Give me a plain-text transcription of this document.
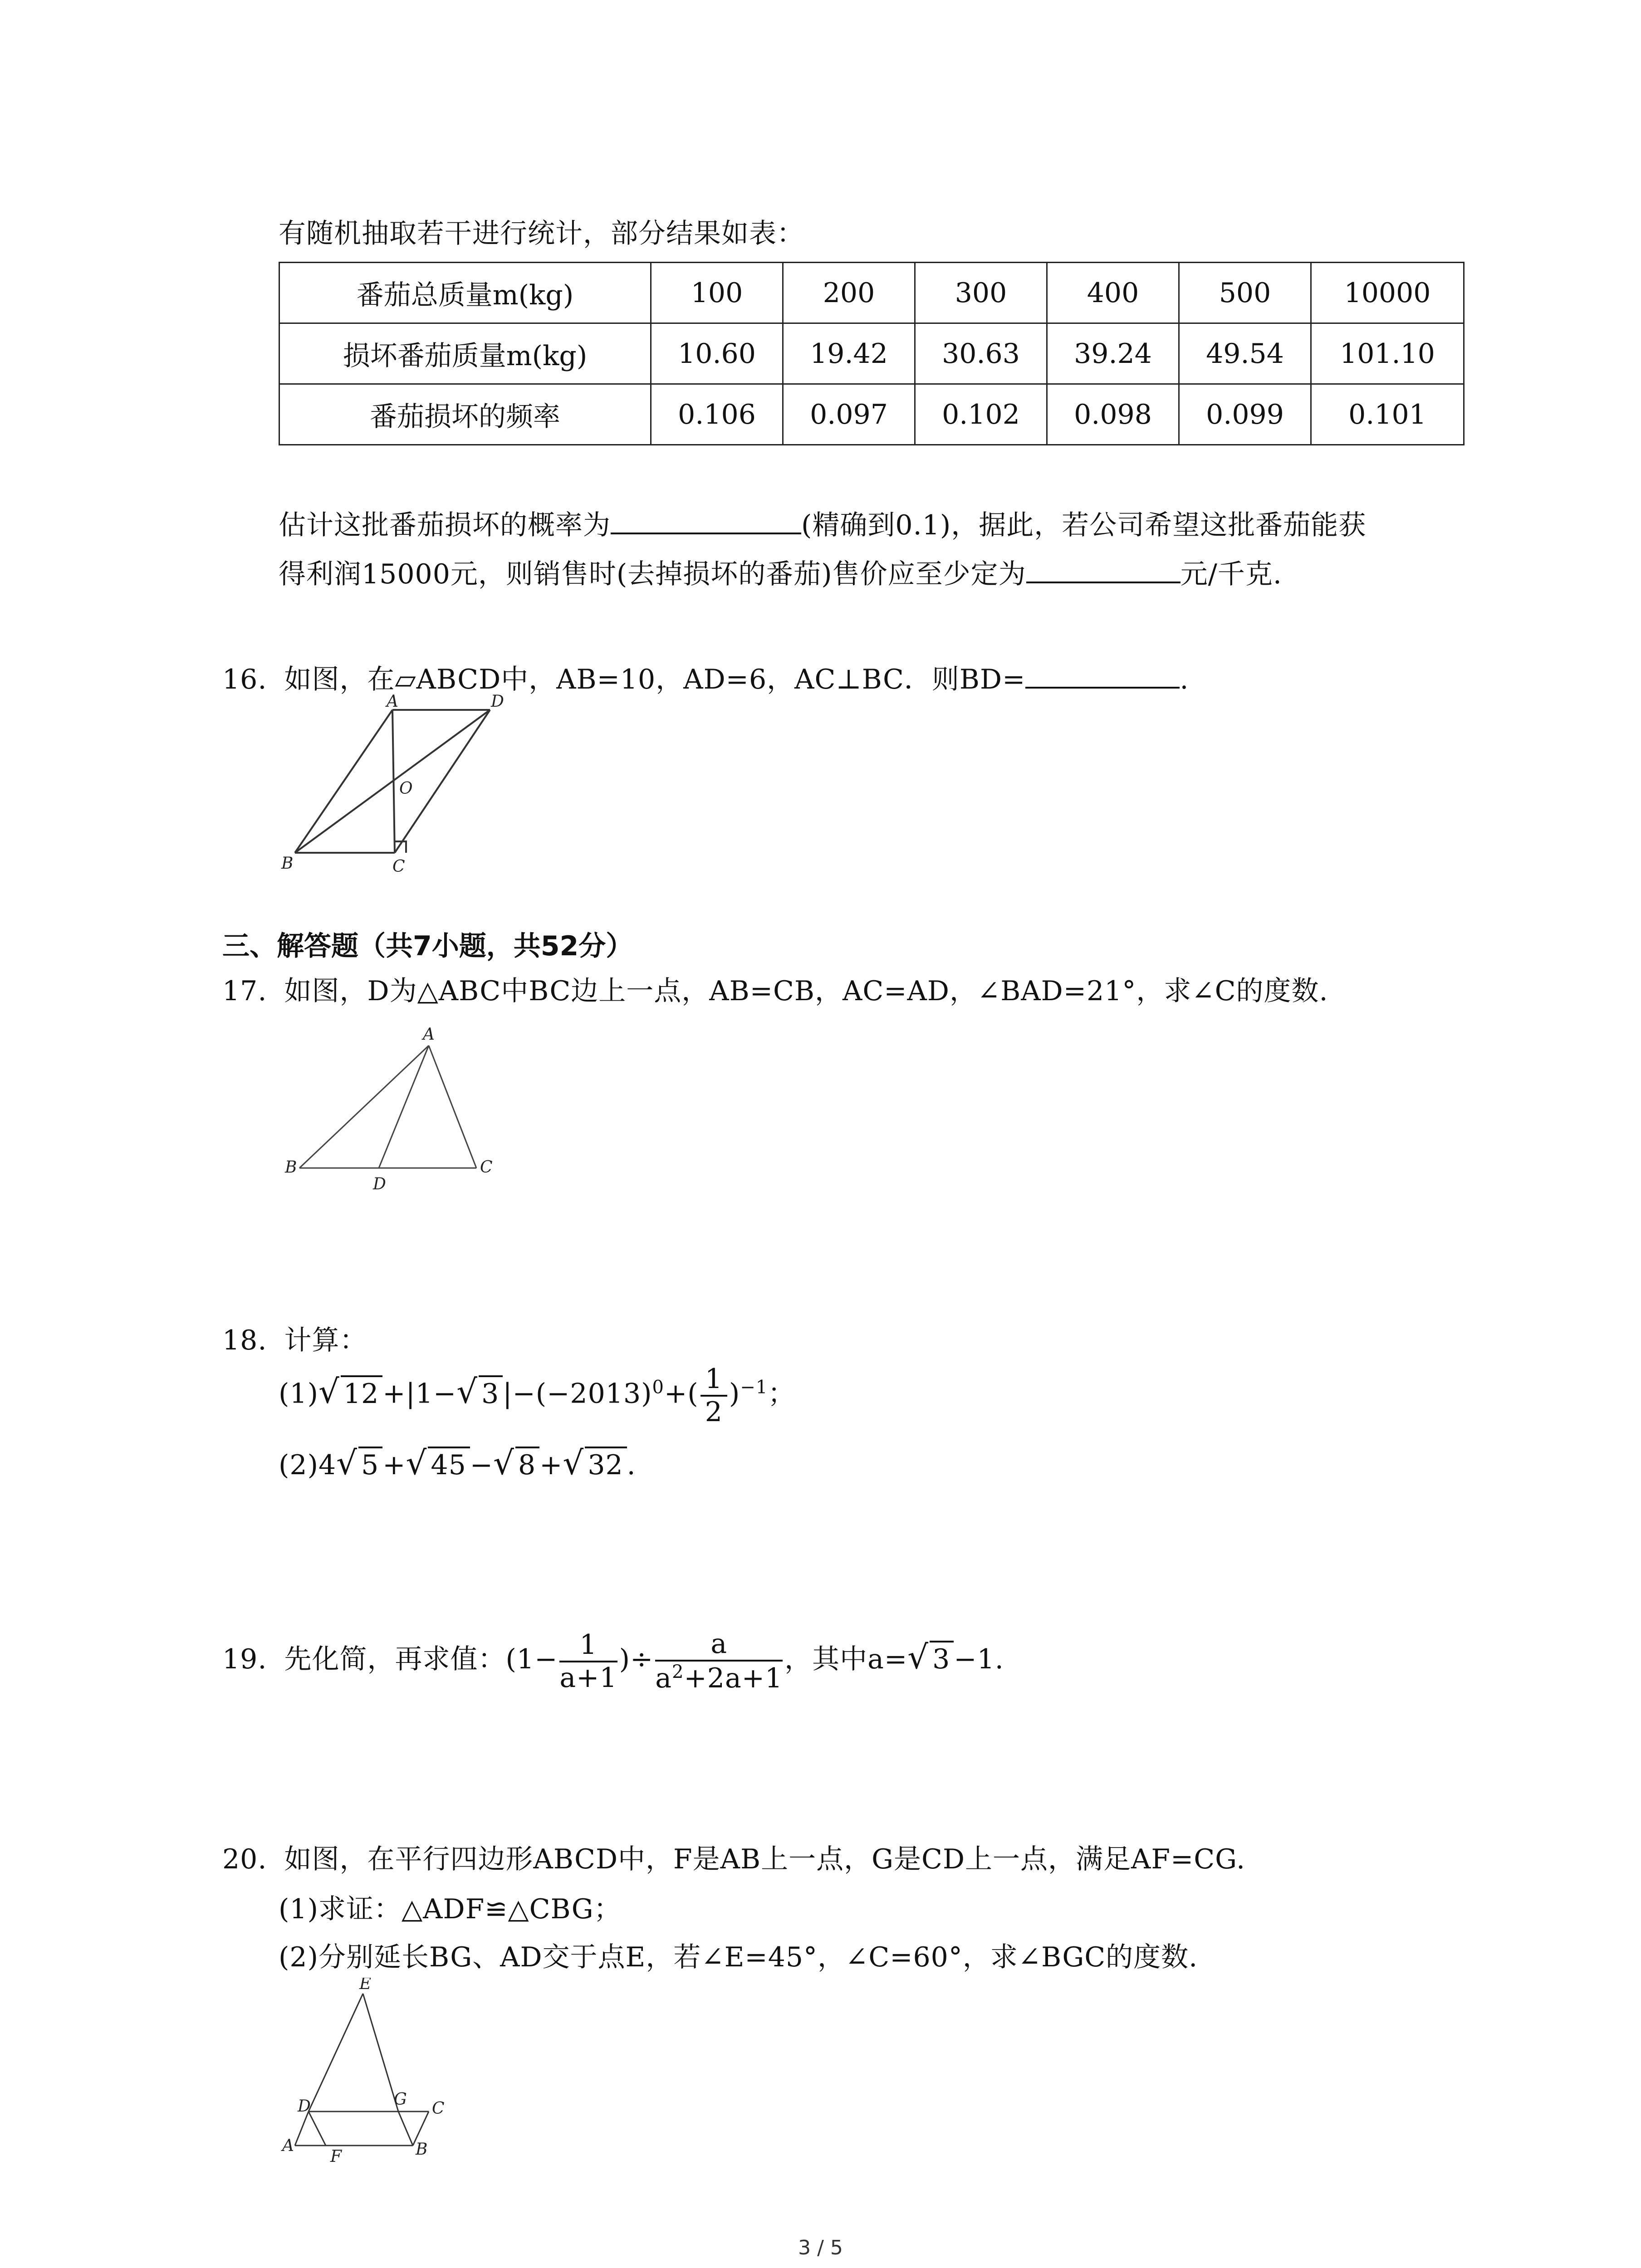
有随机抽取若干进行统计，部分结果如表：
番茄总质量m(kg)	100	200	300	400	500	10000
损坏番茄质量m(kg)	10.60	19.42	30.63	39.24	49.54	101.10
番茄损坏的频率	0.106	0.097	0.102	0.098	0.099	0.101
估计这批番茄损坏的概率为	(精确到0.1)，据此，若公司希望这批番茄能获
得利润15000元，则销售时(去掉损坏的番茄)售价应至少定为	元/千克.
16. 如图，在▱ABCD中，AB=10，AD=6，AC⊥BC．则BD=	.
A
B	C
D
O
三、解答题（共7小题，共52分）
17. 如图，D为△ABC中BC边上一点，AB=CB，AC=AD，∠BAD=21°，求∠C的度数.
A
B	C
D
18. 计算：
(1)√ 12 +|1−√ 3 $|-(-2013)^0+( \frac{1}{2} )^{-1}$；
(2)4√ 5 +√ 45 −√ 8 +√ 32 .
19. 先化简，再求值：($1- \frac{1}{a+1}$ )÷ $\frac{a}{a^2+2a+1}$ ，其中a=√ 3 −1.
20. 如图，在平行四边形ABCD中，F是AB上一点，G是CD上一点，满足AF=CG.
(1)求证：△ADF≌△CBG；
(2)分别延长BG、AD交于点E，若∠E=45°，∠C=60°，求∠BGC的度数.
E
D	G C
A
F	B
3 / 5
